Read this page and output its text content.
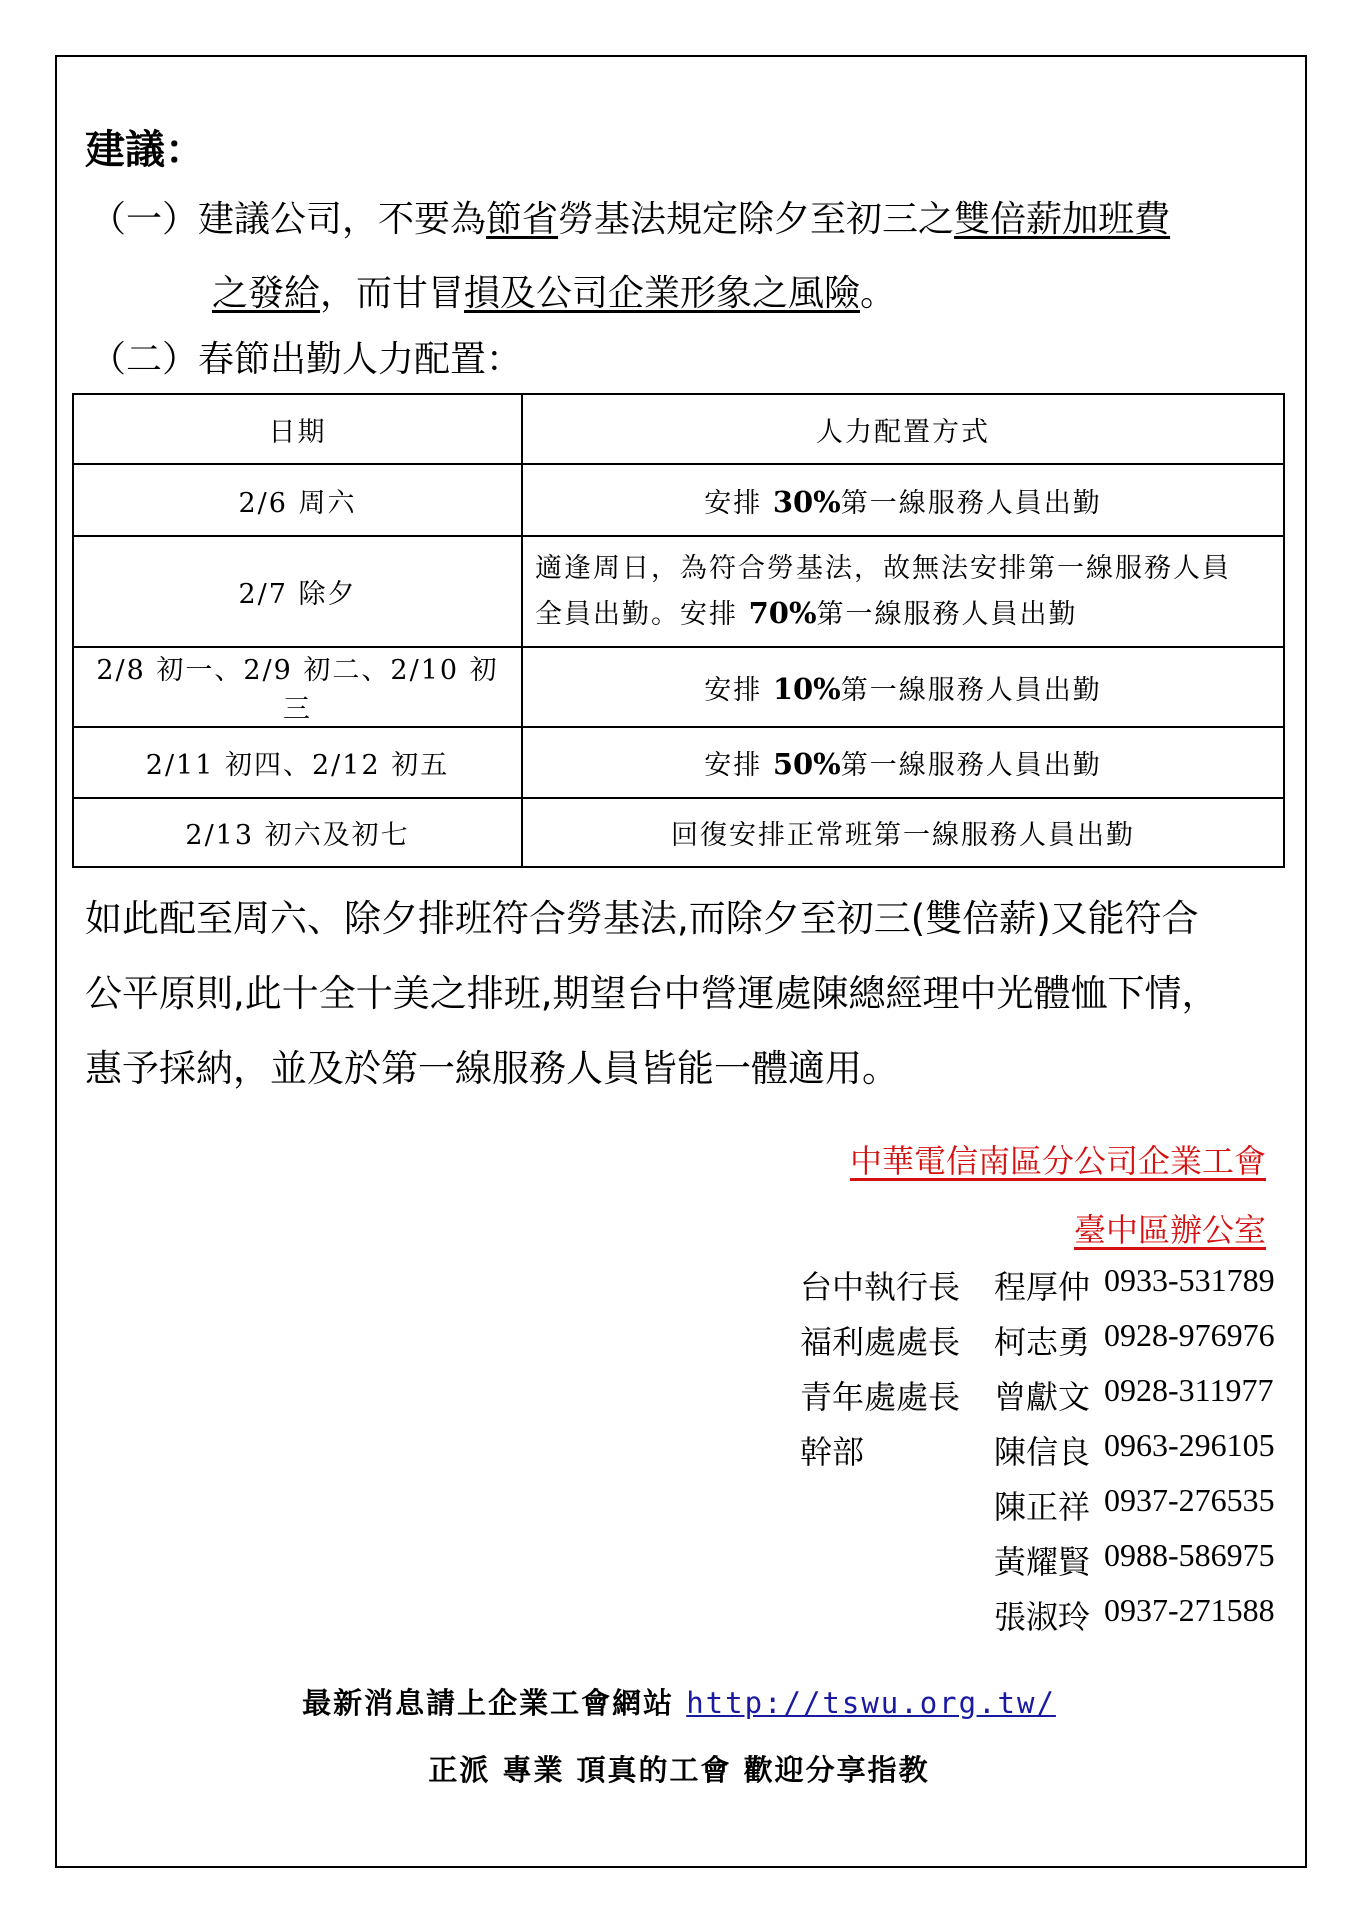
建議：
（一）建議公司，不要為節省勞基法規定除夕至初三之雙倍薪加班費
之發給，而甘冒損及公司企業形象之風險。
（二）春節出勤人力配置：
日期	人力配置方式
2/6 周六	安排 30%第一線服務人員出勤
2/7 除夕	適逢周日，為符合勞基法，故無法安排第一線服務人員
全員出勤。安排 70%第一線服務人員出勤

2/8 初一、2/9 初二、2/10 初三	安排 10%第一線服務人員出勤
2/11 初四、2/12 初五	安排 50%第一線服務人員出勤
2/13 初六及初七	回復安排正常班第一線服務人員出勤
如此配至周六、除夕排班符合勞基法,而除夕至初三(雙倍薪)又能符合
公平原則,此十全十美之排班,期望台中營運處陳總經理中光體恤下情，
惠予採納，並及於第一線服務人員皆能一體適用。
中華電信南區分公司企業工會
臺中區辦公室
台中執行長 程厚仲 0933-531789
福利處處長 柯志勇 0928-976976
青年處處長 曾獻文 0928-311977
幹部	陳信良 0963-296105
陳正祥 0937-276535
黃耀賢 0988-586975
張淑玲 0937-271588
最新消息請上企業工會網站 http://tswu.org.tw/
正派 專業 頂真的工會 歡迎分享指教
